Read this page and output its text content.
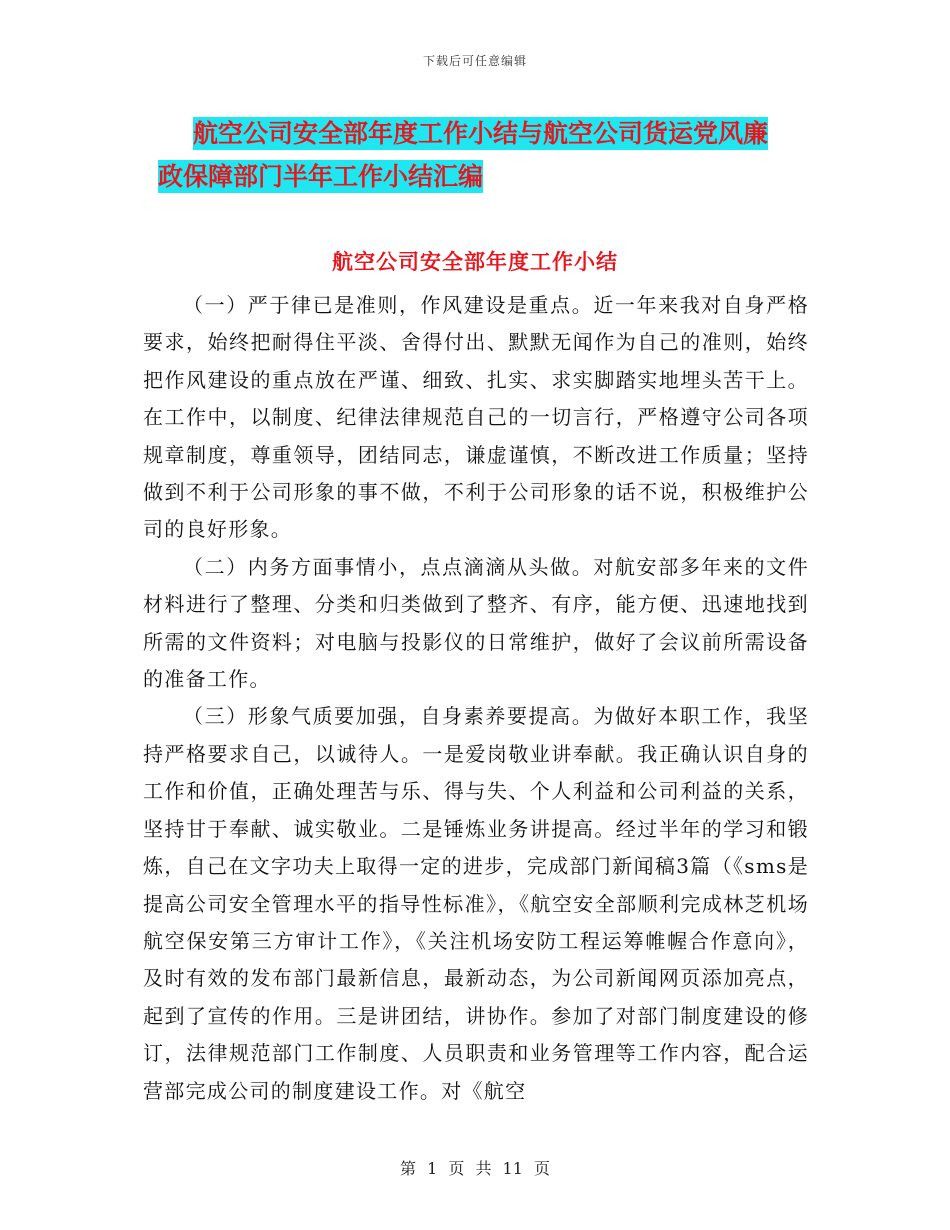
下载后可任意编辑
航空公司安全部年度工作小结与航空公司货运党风廉
政保障部门半年工作小结汇编
航空公司安全部年度工作小结

（一）严于律已是准则，作风建设是重点。近一年来我对自身严格要求，始终把耐得住平淡、舍得付出、默默无闻作为自己的准则，始终把作风建设的重点放在严谨、细致、扎实、求实脚踏实地埋头苦干上。在工作中，以制度、纪律法律规范自己的一切言行，严格遵守公司各项规章制度，尊重领导，团结同志，谦虚谨慎，不断改进工作质量；坚持做到不利于公司形象的事不做，不利于公司形象的话不说，积极维护公司的良好形象。

（二）内务方面事情小，点点滴滴从头做。对航安部多年来的文件材料进行了整理、分类和归类做到了整齐、有序，能方便、迅速地找到所需的文件资料；对电脑与投影仪的日常维护，做好了会议前所需设备的准备工作。

（三）形象气质要加强，自身素养要提高。为做好本职工作，我坚持严格要求自己，以诚待人。一是爱岗敬业讲奉献。我正确认识自身的工作和价值，正确处理苦与乐、得与失、个人利益和公司利益的关系，坚持甘于奉献、诚实敬业。二是锤炼业务讲提高。经过半年的学习和锻炼，自己在文字功夫上取得一定的进步，完成部门新闻稿3篇（《sms是提高公司安全管理水平的指导性标准》，《航空安全部顺利完成林芝机场航空保安第三方审计工作》，《关注机场安防工程运筹帷幄合作意向》，及时有效的发布部门最新信息，最新动态，为公司新闻网页添加亮点，起到了宣传的作用。三是讲团结，讲协作。参加了对部门制度建设的修订，法律规范部门工作制度、人员职责和业务管理等工作内容，配合运营部完成公司的制度建设工作。对《航空

第 1 页 共 11 页
